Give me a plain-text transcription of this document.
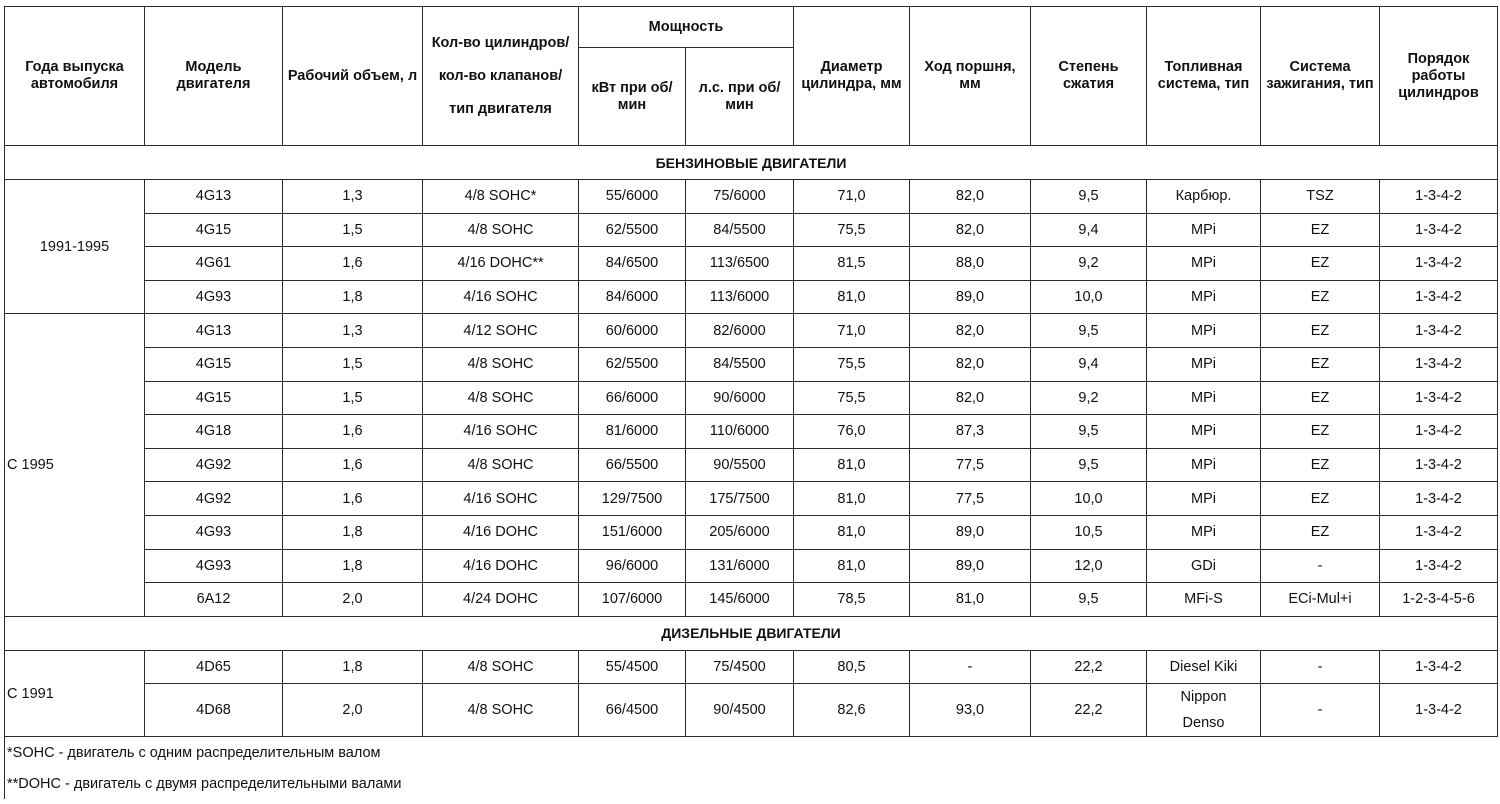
Года выпуска автомобиля	Модель двигателя	Рабочий объем, л	Кол-во цилиндров/
кол-во клапанов/
тип двигателя	Мощность		Диаметр цилиндра, мм	Ход поршня, мм	Степень сжатия	Топливная система, тип	Система зажигания, тип	Порядок работы цилиндров
				кВт при об/мин	л.с. при об/мин						
БЕНЗИНОВЫЕ ДВИГАТЕЛИ											
1991-1995	4G13	1,3	4/8 SOHC*	55/6000	75/6000	71,0	82,0	9,5	Карбюр.	TSZ	1-3-4-2
	4G15	1,5	4/8 SOHC	62/5500	84/5500	75,5	82,0	9,4	MPi	EZ	1-3-4-2
	4G61	1,6	4/16 DOHC**	84/6500	113/6500	81,5	88,0	9,2	MPi	EZ	1-3-4-2
	4G93	1,8	4/16 SOHC	84/6000	113/6000	81,0	89,0	10,0	MPi	EZ	1-3-4-2
С 1995	4G13	1,3	4/12 SOHC	60/6000	82/6000	71,0	82,0	9,5	MPi	EZ	1-3-4-2
	4G15	1,5	4/8 SOHC	62/5500	84/5500	75,5	82,0	9,4	MPi	EZ	1-3-4-2
	4G15	1,5	4/8 SOHC	66/6000	90/6000	75,5	82,0	9,2	MPi	EZ	1-3-4-2
	4G18	1,6	4/16 SOHC	81/6000	110/6000	76,0	87,3	9,5	MPi	EZ	1-3-4-2
	4G92	1,6	4/8 SOHC	66/5500	90/5500	81,0	77,5	9,5	MPi	EZ	1-3-4-2
	4G92	1,6	4/16 SOHC	129/7500	175/7500	81,0	77,5	10,0	MPi	EZ	1-3-4-2
	4G93	1,8	4/16 DOHC	151/6000	205/6000	81,0	89,0	10,5	MPi	EZ	1-3-4-2
	4G93	1,8	4/16 DOHC	96/6000	131/6000	81,0	89,0	12,0	GDi	-	1-3-4-2
	6A12	2,0	4/24 DOHC	107/6000	145/6000	78,5	81,0	9,5	MFi-S	ECi-Mul+i	1-2-3-4-5-6
ДИЗЕЛЬНЫЕ ДВИГАТЕЛИ											
С 1991	4D65	1,8	4/8 SOHC	55/4500	75/4500	80,5	-	22,2	Diesel Kiki	-	1-3-4-2
	4D68	2,0	4/8 SOHC	66/4500	90/4500	82,6	93,0	22,2	Nippon Denso	-	1-3-4-2
*SOHC - двигатель с одним распределительным валом											
**DOHC - двигатель с двумя распределительными валами											
